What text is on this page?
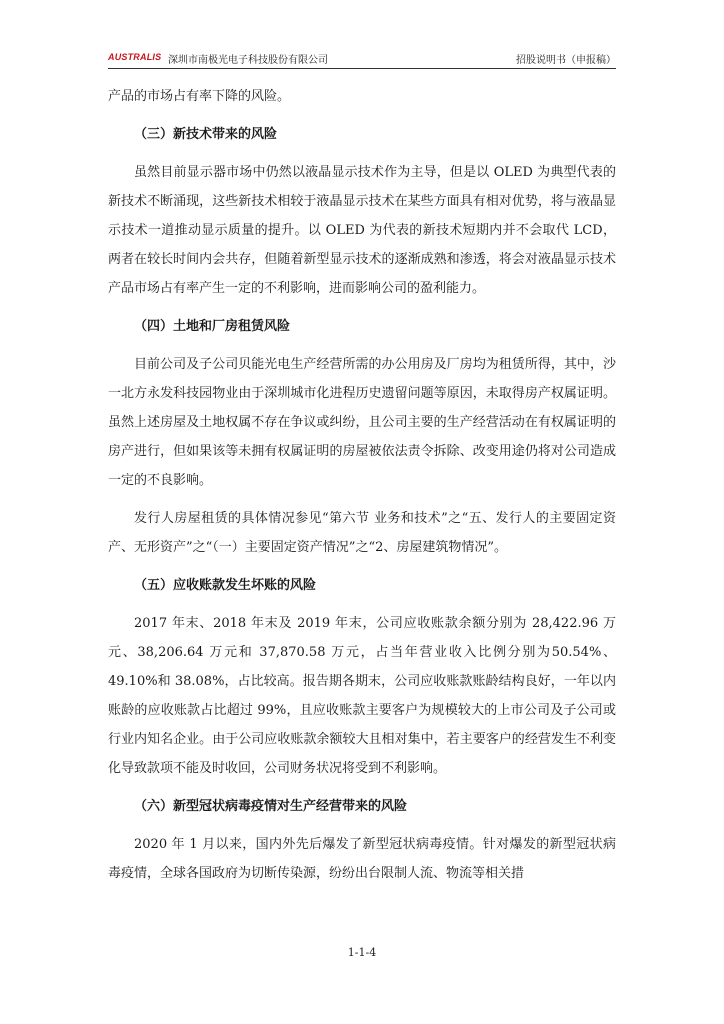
AUSTRALIS 深圳市南极光电子科技股份有限公司	招股说明书（申报稿）

产品的市场占有率下降的风险。

（三）新技术带来的风险

虽然目前显示器市场中仍然以液晶显示技术作为主导，但是以 OLED 为典型代表的新技术不断涌现，这些新技术相较于液晶显示技术在某些方面具有相对优势，将与液晶显示技术一道推动显示质量的提升。以 OLED 为代表的新技术短期内并不会取代 LCD，两者在较长时间内会共存，但随着新型显示技术的逐渐成熟和渗透，将会对液晶显示技术产品市场占有率产生一定的不利影响，进而影响公司的盈利能力。

（四）土地和厂房租赁风险

目前公司及子公司贝能光电生产经营所需的办公用房及厂房均为租赁所得，其中，沙一北方永发科技园物业由于深圳城市化进程历史遗留问题等原因，未取得房产权属证明。虽然上述房屋及土地权属不存在争议或纠纷，且公司主要的生产经营活动在有权属证明的房产进行，但如果该等未拥有权属证明的房屋被依法责令拆除、改变用途仍将对公司造成一定的不良影响。

发行人房屋租赁的具体情况参见“第六节 业务和技术”之“五、发行人的主要固定资产、无形资产”之“（一）主要固定资产情况”之“2、房屋建筑物情况”。

（五）应收账款发生坏账的风险

2017 年末、2018 年末及 2019 年末，公司应收账款余额分别为 28,422.96 万元、38,206.64 万元和 37,870.58 万元，占当年营业收入比例分别为50.54%、49.10%和 38.08%，占比较高。报告期各期末，公司应收账款账龄结构良好，一年以内账龄的应收账款占比超过 99%，且应收账款主要客户为规模较大的上市公司及子公司或行业内知名企业。由于公司应收账款余额较大且相对集中，若主要客户的经营发生不利变化导致款项不能及时收回，公司财务状况将受到不利影响。

（六）新型冠状病毒疫情对生产经营带来的风险

2020 年 1 月以来，国内外先后爆发了新型冠状病毒疫情。针对爆发的新型冠状病毒疫情，全球各国政府为切断传染源，纷纷出台限制人流、物流等相关措

1-1-4
